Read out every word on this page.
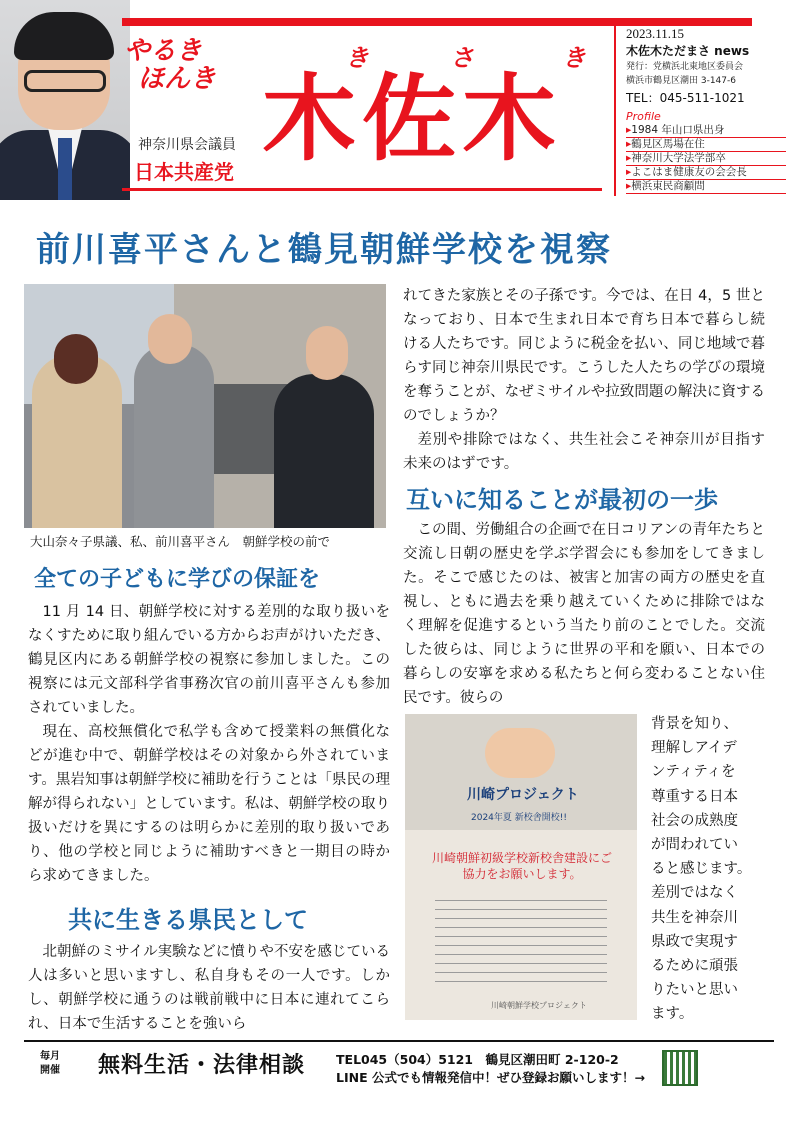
やるき
ほんき
き	さ	き
木佐木
神奈川県会議員
日本共産党
2023.11.15
木佐木ただまさ news
発行：党横浜北東地区委員会
横浜市鶴見区潮田 3-147-6
TEL：045-511-1021
Profile
▸ 1984 年山口県出身
▸ 鶴見区馬場在住
▸ 神奈川大学法学部卒
▸ よこはま健康友の会会長
▸ 横浜東民商顧問
前川喜平さんと鶴見朝鮮学校を視察
大山奈々子県議、私、前川喜平さん　朝鮮学校の前で
全ての子どもに学びの保証を

11 月 14 日、朝鮮学校に対する差別的な取り扱いをなくすために取り組んでいる方からお声がけいただき、鶴見区内にある朝鮮学校の視察に参加しました。この視察には元文部科学省事務次官の前川喜平さんも参加されていました。

現在、高校無償化で私学も含めて授業料の無償化などが進む中で、朝鮮学校はその対象から外されています。黒岩知事は朝鮮学校に補助を行うことは「県民の理解が得られない」としています。私は、朝鮮学校の取り扱いだけを異にするのは明らかに差別的取り扱いであり、他の学校と同じように補助すべきと一期目の時から求めてきました。

共に生きる県民として

北朝鮮のミサイル実験などに憤りや不安を感じている人は多いと思いますし、私自身もその一人です。しかし、朝鮮学校に通うのは戦前戦中に日本に連れてこられ、日本で生活することを強いら

れてきた家族とその子孫です。今では、在日 4，5 世となっており、日本で生まれ日本で育ち日本で暮らし続ける人たちです。同じように税金を払い、同じ地域で暮らす同じ神奈川県民です。こうした人たちの学びの環境を奪うことが、なぜミサイルや拉致問題の解決に資するのでしょうか？

差別や排除ではなく、共生社会こそ神奈川が目指す未来のはずです。

互いに知ることが最初の一歩

この間、労働組合の企画で在日コリアンの青年たちと交流し日朝の歴史を学ぶ学習会にも参加をしてきました。そこで感じたのは、被害と加害の両方の歴史を直視し、ともに過去を乗り越えていくために排除ではなく理解を促進するという当たり前のことでした。交流した彼らは、同じように世界の平和を願い、日本での暮らしの安寧を求める私たちと何ら変わることない住民です。彼らの

川崎プロジェクト
2024年夏 新校舎開校!!
川崎朝鮮初級学校新校舎建設にご協力をお願いします。
川崎朝鮮学校プロジェクト
背景を知り、
理解しアイデ
ンティティを
尊重する日本
社会の成熟度
が問われてい
ると感じます。
差別ではなく
共生を神奈川
県政で実現す
るために頑張
りたいと思い
ます。
毎月
開催 無料生活・法律相談 TEL045（504）5121　鶴見区潮田町 2-120-2
LINE 公式でも情報発信中！ぜひ登録お願いします！→
